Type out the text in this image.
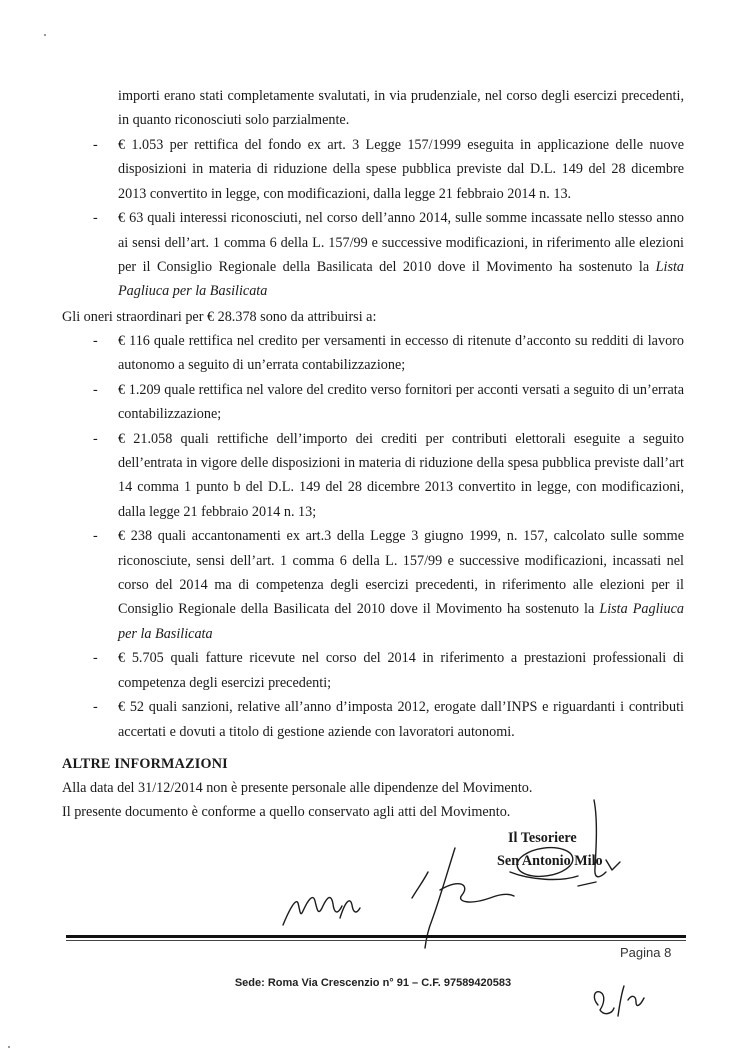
importi erano stati completamente svalutati, in via prudenziale, nel corso degli esercizi precedenti, in quanto riconosciuti solo parzialmente.

- € 1.053 per rettifica del fondo ex art. 3 Legge 157/1999 eseguita in applicazione delle nuove disposizioni in materia di riduzione della spese pubblica previste dal D.L. 149 del 28 dicembre 2013 convertito in legge, con modificazioni, dalla legge 21 febbraio 2014 n. 13.
- € 63 quali interessi riconosciuti, nel corso dell’anno 2014, sulle somme incassate nello stesso anno ai sensi dell’art. 1 comma 6 della L. 157/99 e successive modificazioni, in riferimento alle elezioni per il Consiglio Regionale della Basilicata del 2010 dove il Movimento ha sostenuto la Lista Pagliuca per la Basilicata

Gli oneri straordinari per € 28.378 sono da attribuirsi a:

- € 116 quale rettifica nel credito per versamenti in eccesso di ritenute d’acconto su redditi di lavoro autonomo a seguito di un’errata contabilizzazione;
- € 1.209 quale rettifica nel valore del credito verso fornitori per acconti versati a seguito di un’errata contabilizzazione;
- € 21.058 quali rettifiche dell’importo dei crediti per contributi elettorali eseguite a seguito dell’entrata in vigore delle disposizioni in materia di riduzione della spesa pubblica previste dall’art 14 comma 1 punto b del D.L. 149 del 28 dicembre 2013 convertito in legge, con modificazioni, dalla legge 21 febbraio 2014 n. 13;
- € 238 quali accantonamenti ex art.3 della Legge 3 giugno 1999, n. 157, calcolato sulle somme riconosciute, sensi dell’art. 1 comma 6 della L. 157/99 e successive modificazioni, incassati nel corso del 2014 ma di competenza degli esercizi precedenti, in riferimento alle elezioni per il Consiglio Regionale della Basilicata del 2010 dove il Movimento ha sostenuto la Lista Pagliuca per la Basilicata
- € 5.705 quali fatture ricevute nel corso del 2014 in riferimento a prestazioni professionali di competenza degli esercizi precedenti;
- € 52 quali sanzioni, relative all’anno d’imposta 2012, erogate dall’INPS e riguardanti i contributi accertati e dovuti a titolo di gestione aziende con lavoratori autonomi.
ALTRE INFORMAZIONI
Alla data del 31/12/2014 non è presente personale alle dipendenze del Movimento.
Il presente documento è conforme a quello conservato agli atti del Movimento.
Il Tesoriere
Sen Antonio Milo
Pagina 8
Sede: Roma Via Crescenzio n° 91 – C.F. 97589420583
